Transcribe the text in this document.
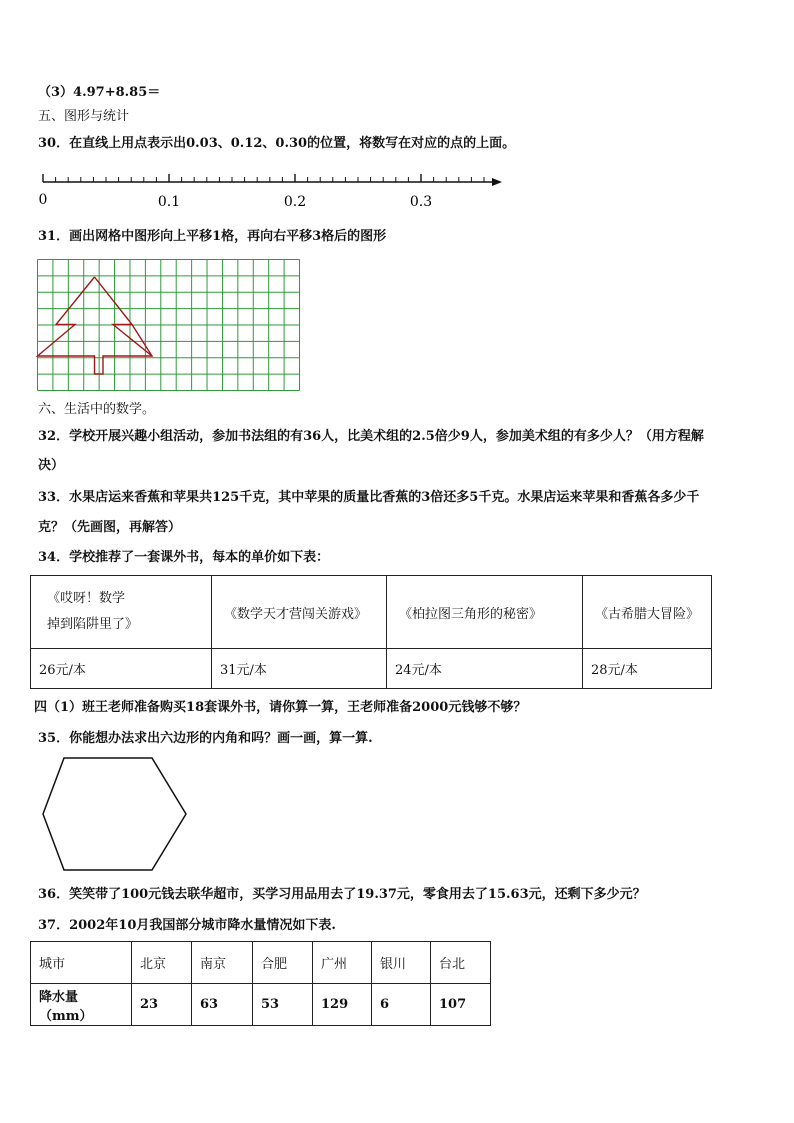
（3）4.97+8.85＝
五、图形与统计
30．在直线上用点表示出0.03、0.12、0.30的位置，将数写在对应的点的上面。
0	0.1	0.2	0.3
31．画出网格中图形向上平移1格，再向右平移3格后的图形
六、生活中的数学。
32．学校开展兴趣小组活动，参加书法组的有36人，比美术组的2.5倍少9人，参加美术组的有多少人？（用方程解
决）
33．水果店运来香蕉和苹果共125千克，其中苹果的质量比香蕉的3倍还多5千克。水果店运来苹果和香蕉各多少千
克？（先画图，再解答）
34．学校推荐了一套课外书，每本的单价如下表：
《哎呀！数学
掉到陷阱里了》	《数学天才营闯关游戏》	《柏拉图三角形的秘密》	《古希腊大冒险》
26元/本	31元/本	24元/本	28元/本
四（1）班王老师准备购买18套课外书，请你算一算，王老师准备2000元钱够不够？
35．你能想办法求出六边形的内角和吗？画一画，算一算.
36．笑笑带了100元钱去联华超市，买学习用品用去了19.37元，零食用去了15.63元，还剩下多少元？
37．2002年10月我国部分城市降水量情况如下表.
城市	北京	南京	合肥	广州	银川	台北
降水量（mm）	23	63	53	129	6	107
